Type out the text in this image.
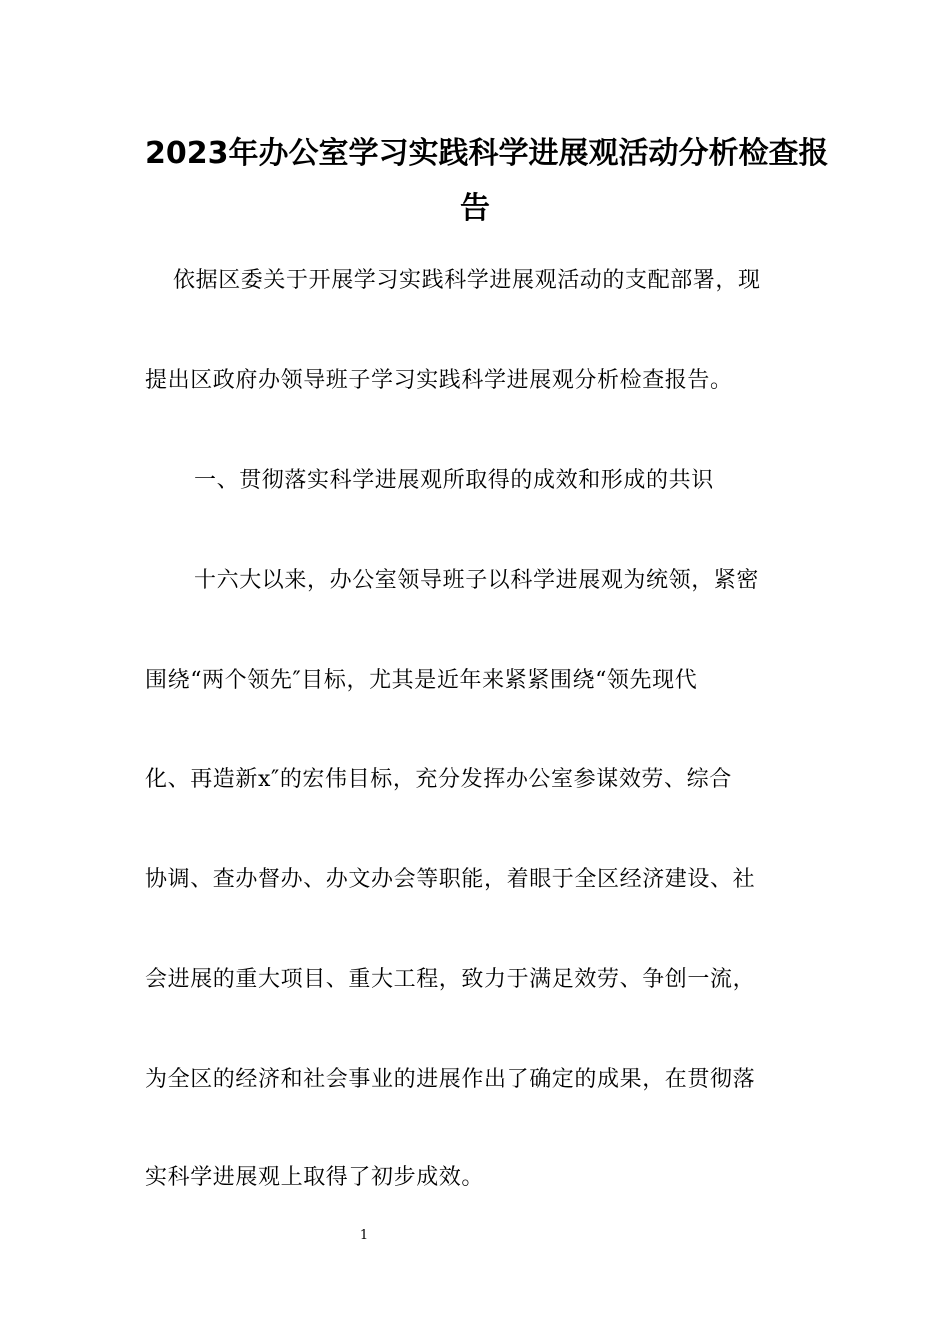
2023年办公室学习实践科学进展观活动分析检查报
告
依据区委关于开展学习实践科学进展观活动的支配部署，现
提出区政府办领导班子学习实践科学进展观分析检查报告。
一、贯彻落实科学进展观所取得的成效和形成的共识
十六大以来，办公室领导班子以科学进展观为统领，紧密
围绕“两个领先″目标，尤其是近年来紧紧围绕“领先现代
化、再造新x″的宏伟目标，充分发挥办公室参谋效劳、综合
协调、查办督办、办文办会等职能，着眼于全区经济建设、社
会进展的重大项目、重大工程，致力于满足效劳、争创一流，
为全区的经济和社会事业的进展作出了确定的成果，在贯彻落
实科学进展观上取得了初步成效。
1
